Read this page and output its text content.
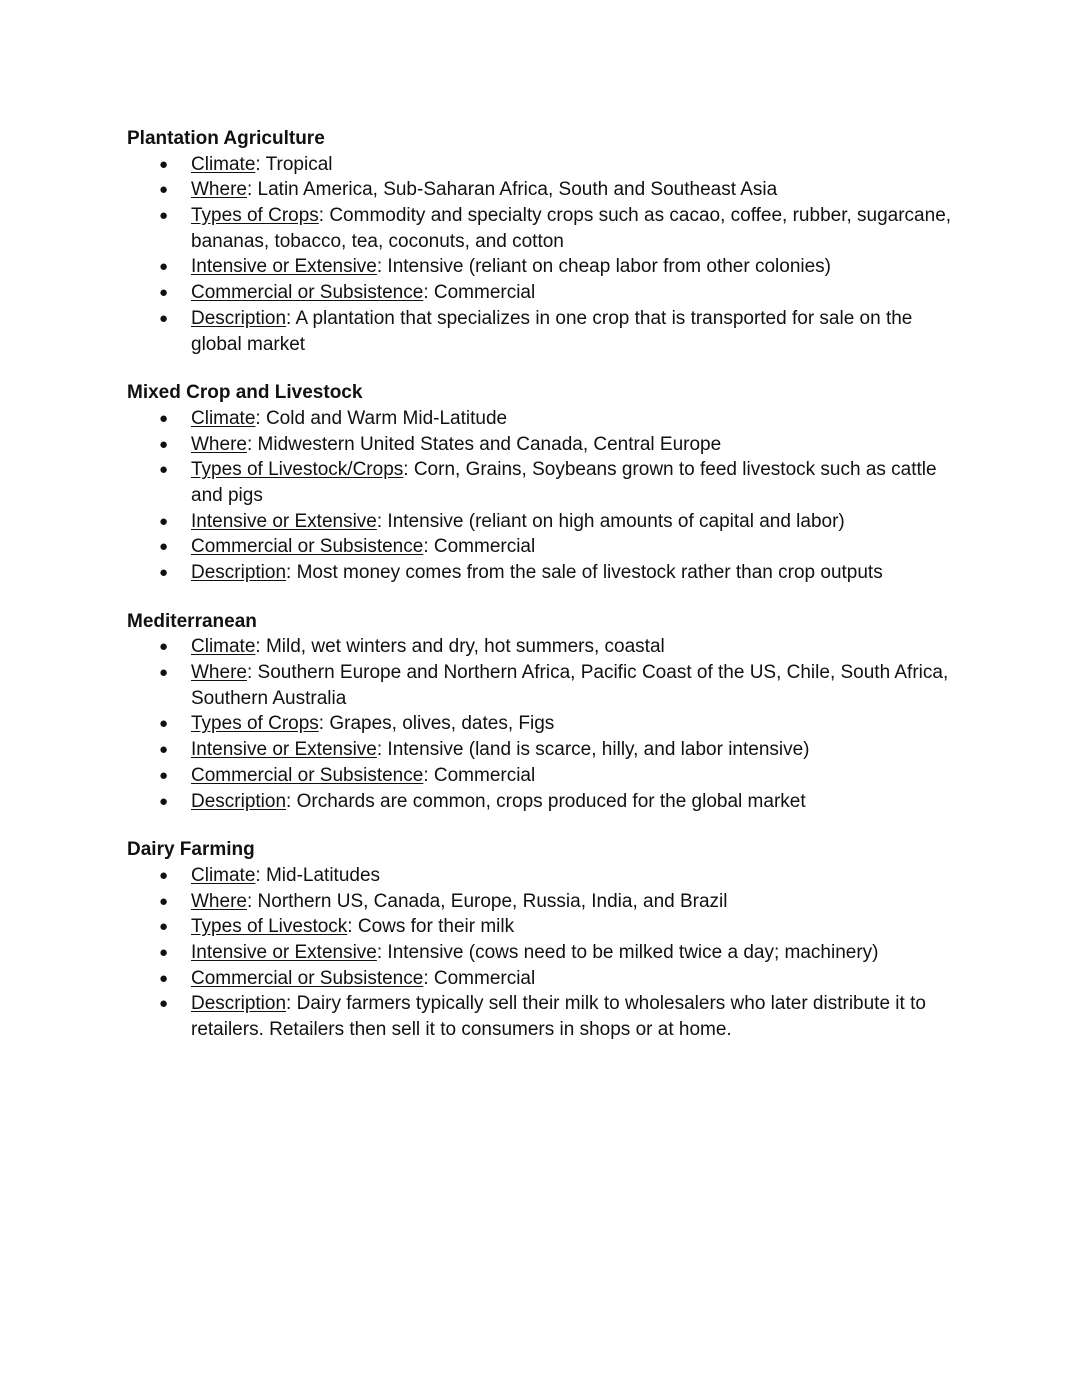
Plantation Agriculture

● Climate: Tropical
● Where: Latin America, Sub-Saharan Africa, South and Southeast Asia
● Types of Crops: Commodity and specialty crops such as cacao, coffee, rubber, sugarcane, bananas, tobacco, tea, coconuts, and cotton
● Intensive or Extensive: Intensive (reliant on cheap labor from other colonies)
● Commercial or Subsistence: Commercial
● Description: A plantation that specializes in one crop that is transported for sale on the global market

Mixed Crop and Livestock

● Climate: Cold and Warm Mid-Latitude
● Where: Midwestern United States and Canada, Central Europe
● Types of Livestock/Crops: Corn, Grains, Soybeans grown to feed livestock such as cattle and pigs
● Intensive or Extensive: Intensive (reliant on high amounts of capital and labor)
● Commercial or Subsistence: Commercial
● Description: Most money comes from the sale of livestock rather than crop outputs

Mediterranean

● Climate: Mild, wet winters and dry, hot summers, coastal
● Where: Southern Europe and Northern Africa, Pacific Coast of the US, Chile, South Africa, Southern Australia
● Types of Crops: Grapes, olives, dates, Figs
● Intensive or Extensive: Intensive (land is scarce, hilly, and labor intensive)
● Commercial or Subsistence: Commercial
● Description: Orchards are common, crops produced for the global market

Dairy Farming

● Climate: Mid-Latitudes
● Where: Northern US, Canada, Europe, Russia, India, and Brazil
● Types of Livestock: Cows for their milk
● Intensive or Extensive: Intensive (cows need to be milked twice a day; machinery)
● Commercial or Subsistence: Commercial
● Description: Dairy farmers typically sell their milk to wholesalers who later distribute it to retailers. Retailers then sell it to consumers in shops or at home.
